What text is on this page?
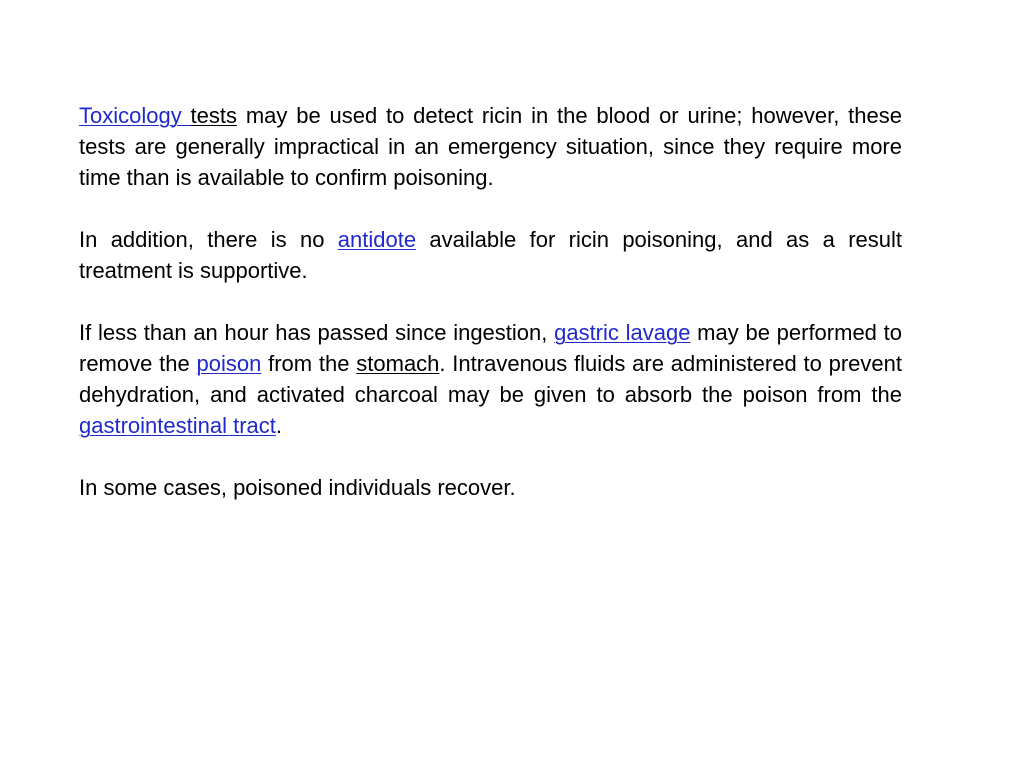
Toxicology tests may be used to detect ricin in the blood or urine; however, these tests are generally impractical in an emergency situation, since they require more time than is available to confirm poisoning.

In addition, there is no antidote available for ricin poisoning, and as a result treatment is supportive.

If less than an hour has passed since ingestion, gastric lavage may be performed to remove the poison from the stomach. Intravenous fluids are administered to prevent dehydration, and activated charcoal may be given to absorb the poison from the gastrointestinal tract.

In some cases, poisoned individuals recover.
